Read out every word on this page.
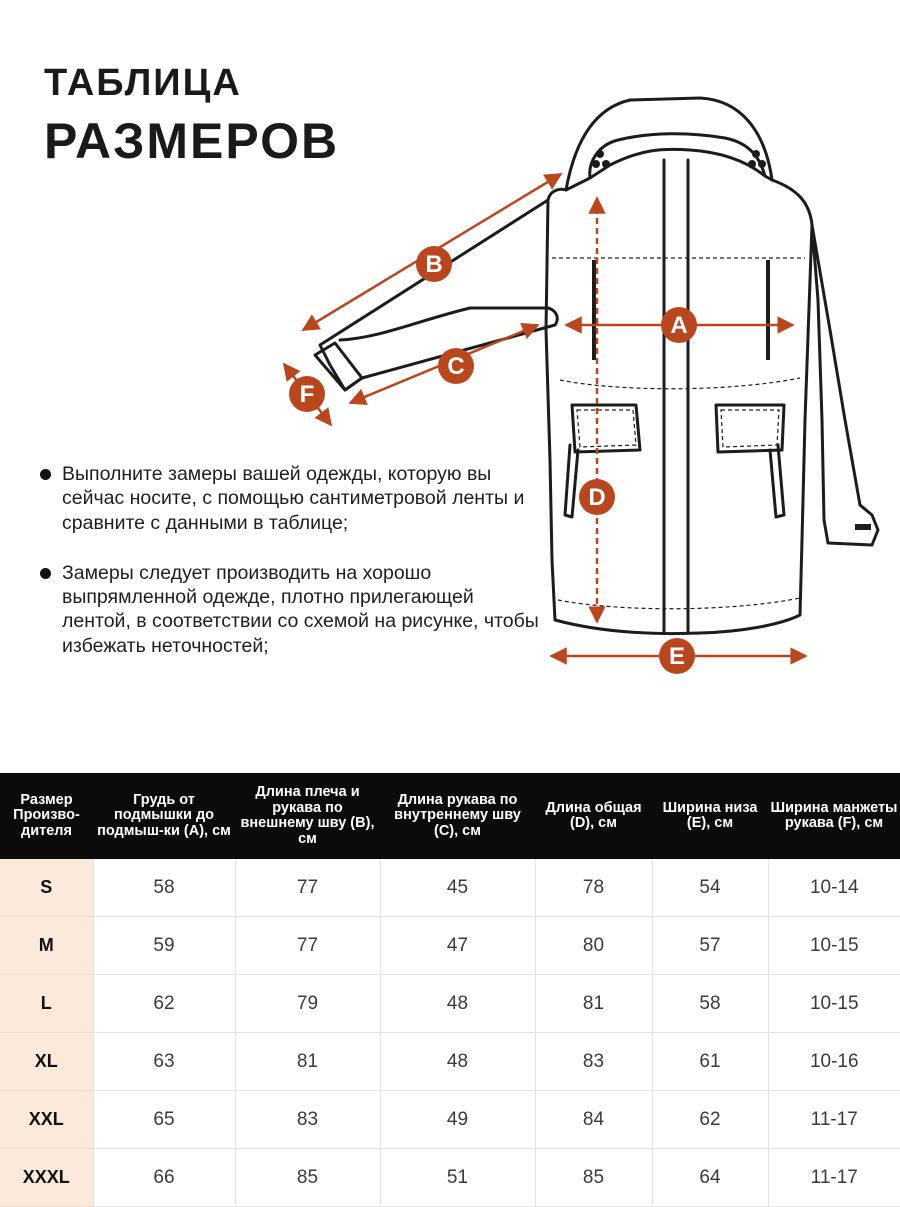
ТАБЛИЦА
РАЗМЕРОВ
A
B
C
D
E
F
Выполните замеры вашей одежды, которую вы сейчас носите, с помощью сантиметровой ленты и сравните с данными в таблице;
Замеры следует производить на хорошо выпрямленной одежде, плотно прилегающей лентой, в соответствии со схемой на рисунке, чтобы избежать неточностей;
Размер Произво-дителя	Грудь от подмышки до подмыш-ки (A), см	Длина плеча и рукава по внешнему шву (B), см	Длина рукава по внутреннему шву (C), см	Длина общая (D), см	Ширина низа (E), см	Ширина манжеты рукава (F), см
S	58	77	45	78	54	10-14
M	59	77	47	80	57	10-15
L	62	79	48	81	58	10-15
XL	63	81	48	83	61	10-16
XXL	65	83	49	84	62	11-17
XXXL	66	85	51	85	64	11-17
